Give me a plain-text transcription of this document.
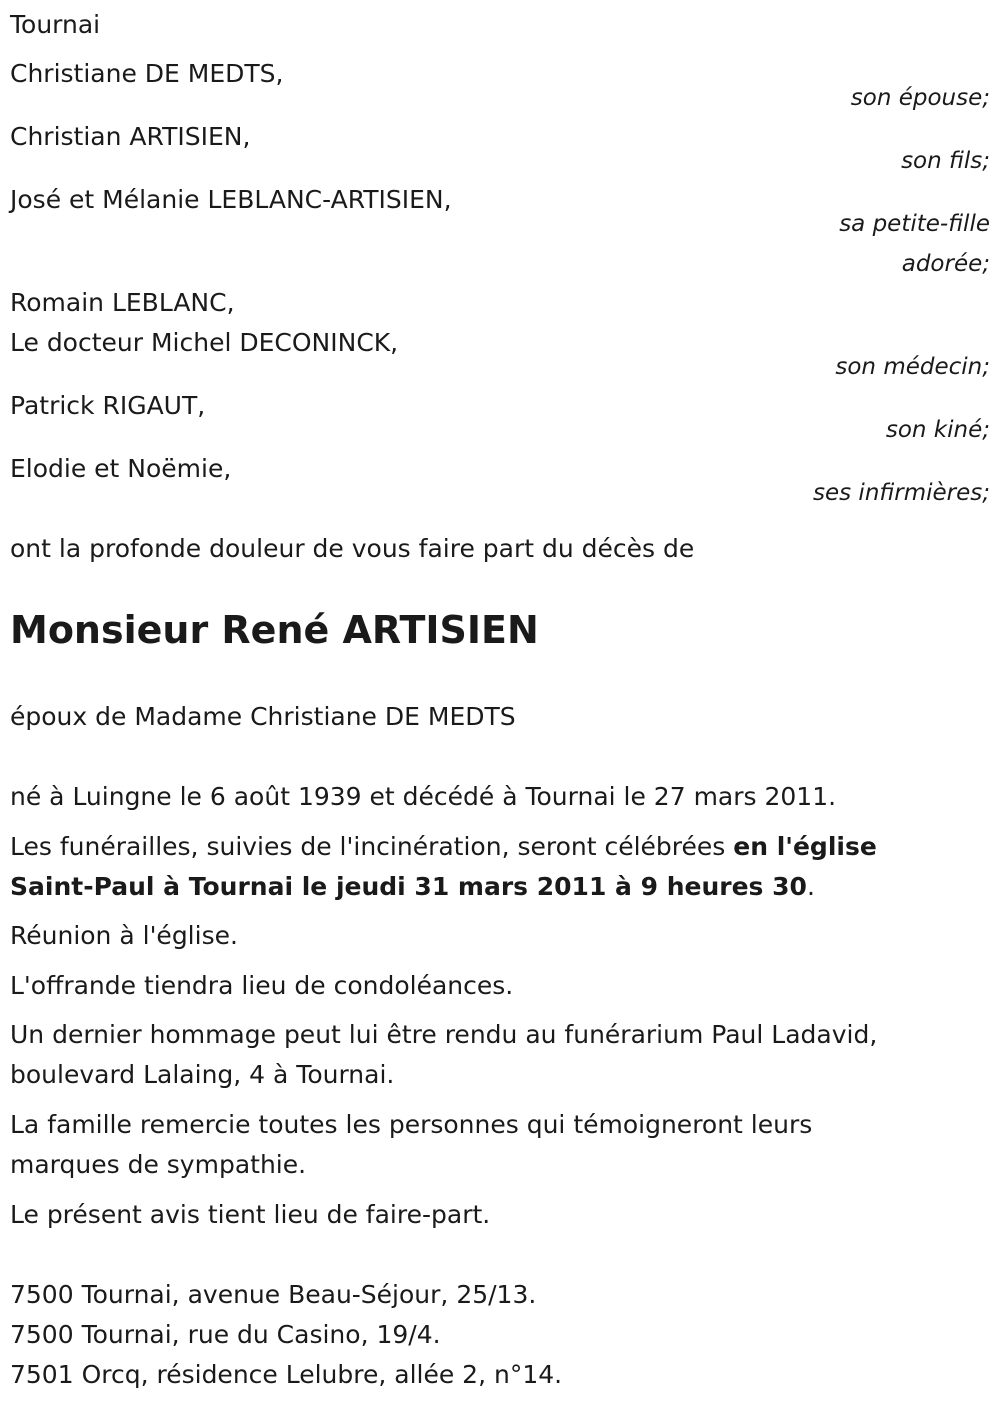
Tournai

Christiane DE MEDTS,

son épouse;

Christian ARTISIEN,

son fils;

José et Mélanie LEBLANC-ARTISIEN,

sa petite-fille

adorée;

Romain LEBLANC,

Le docteur Michel DECONINCK,

son médecin;

Patrick RIGAUT,

son kiné;

Elodie et Noëmie,

ses infirmières;

ont la profonde douleur de vous faire part du décès de

Monsieur René ARTISIEN

époux de Madame Christiane DE MEDTS

né à Luingne le 6 août 1939 et décédé à Tournai le 27 mars 2011.

Les funérailles, suivies de l'incinération, seront célébrées en l'église
Saint-Paul à Tournai le jeudi 31 mars 2011 à 9 heures 30.

Réunion à l'église.

L'offrande tiendra lieu de condoléances.

Un dernier hommage peut lui être rendu au funérarium Paul Ladavid,

boulevard Lalaing, 4 à Tournai.

La famille remercie toutes les personnes qui témoigneront leurs

marques de sympathie.

Le présent avis tient lieu de faire-part.

7500 Tournai, avenue Beau-Séjour, 25/13.

7500 Tournai, rue du Casino, 19/4.

7501 Orcq, résidence Lelubre, allée 2, n°14.
